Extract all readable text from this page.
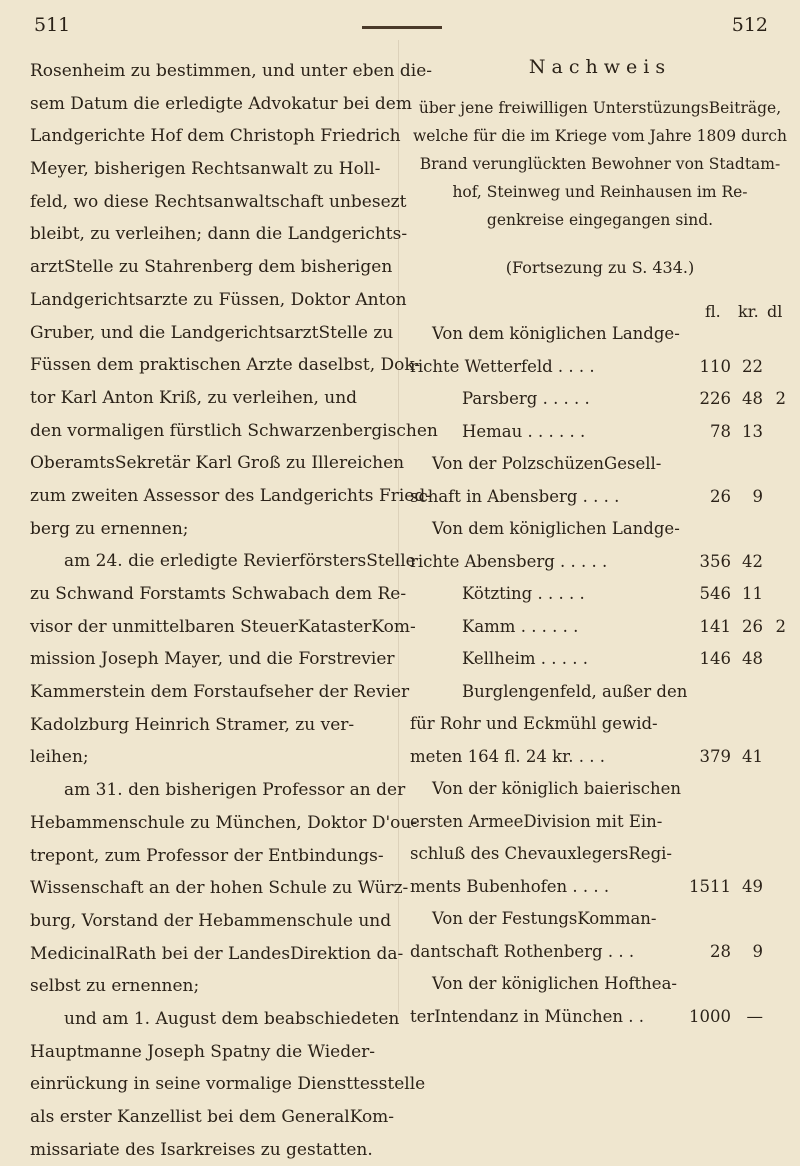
511
Rosenheim zu bestimmen, und unter eben die-
sem Datum die erledigte Advokatur bei dem
Landgerichte Hof dem Christoph Friedrich
Meyer, bisherigen Rechtsanwalt zu Holl-
feld, wo diese Rechtsanwaltschaft unbesezt
bleibt, zu verleihen; dann die Landgerichts-
arztStelle zu Stahrenberg dem bisherigen
Landgerichtsarzte zu Füssen, Doktor Anton
Gruber, und die LandgerichtsarztStelle zu
Füssen dem praktischen Arzte daselbst, Dok-
tor Karl Anton Kriß, zu verleihen, und
den vormaligen fürstlich Schwarzenbergischen
OberamtsSekretär Karl Groß zu Illereichen
zum zweiten Assessor des Landgerichts Fried-
berg zu ernennen;
am 24. die erledigte RevierförstersStelle
zu Schwand Forstamts Schwabach dem Re-
visor der unmittelbaren SteuerKatasterKom-
mission Joseph Mayer, und die Forstrevier
Kammerstein dem Forstaufseher der Revier
Kadolzburg Heinrich Stramer, zu ver-
leihen;
am 31. den bisherigen Professor an der
Hebammenschule zu München, Doktor D'ou-
trepont, zum Professor der Entbindungs-
Wissenschaft an der hohen Schule zu Würz-
burg, Vorstand der Hebammenschule und
MedicinalRath bei der LandesDirektion da-
selbst zu ernennen;
und am 1. August dem beabschiedeten
Hauptmanne Joseph Spatny die Wieder-
einrückung in seine vormalige Diensttesstelle
als erster Kanzellist bei dem GeneralKom-
missariate des Isarkreises zu gestatten.
512
Nachweis
über jene freiwilligen UnterstüzungsBeiträge,
welche für die im Kriege vom Jahre 1809 durch
Brand verunglückten Bewohner von Stadtam-
hof, Steinweg und Reinhausen im Re-
genkreise eingegangen sind.
(Fortsezung zu S. 434.)
fl. kr. dl
Von dem königlichen Landge-
richte Wetterfeld . . . .	110 22
Parsberg . . . . .	226 48 2
Hemau . . . . . .	78 13
Von der PolzschüzenGesell-
schaft in Abensberg . . . .	26	9
Von dem königlichen Landge-
richte Abensberg . . . . .	356 42
Kötzting . . . . .	546 11
Kamm . . . . . .	141 26 2
Kellheim . . . . .	146 48
Burglengenfeld, außer den
für Rohr und Eckmühl gewid-
meten 164 fl. 24 kr. . . .	379 41
Von der königlich baierischen
ersten ArmeeDivision mit Ein-
schluß des ChevauxlegersRegi-
ments Bubenhofen . . . .	1511 49
Von der FestungsKomman-
dantschaft Rothenberg . . .	28	9
Von der königlichen Hofthea-
terIntendanz in München . .	1000 —
